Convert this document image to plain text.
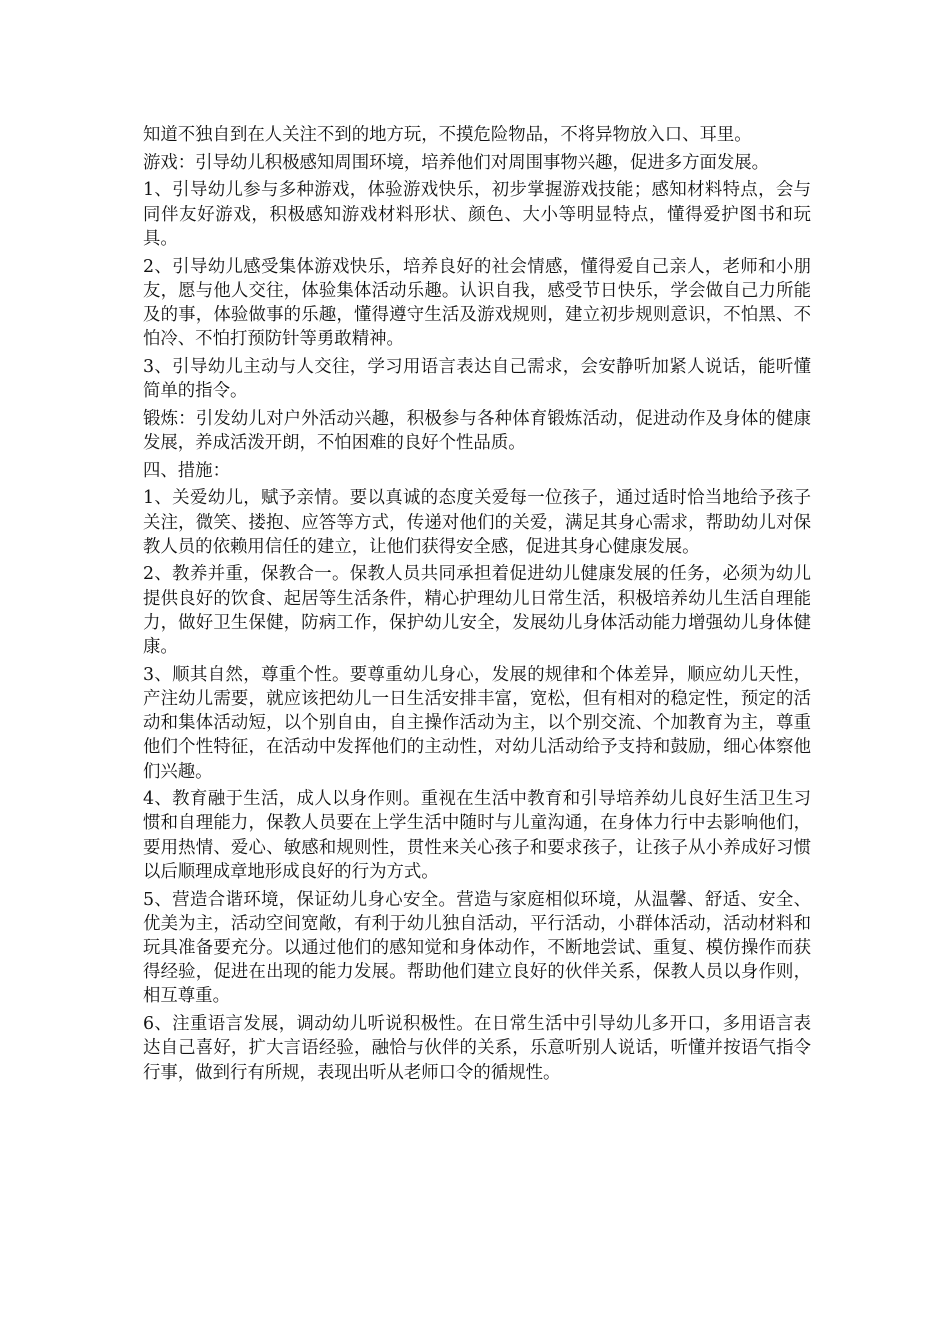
知道不独自到在人关注不到的地方玩，不摸危险物品，不将异物放入口、耳里。

游戏：引导幼儿积极感知周围环境，培养他们对周围事物兴趣，促进多方面发展。

1、引导幼儿参与多种游戏，体验游戏快乐，初步掌握游戏技能；感知材料特点，会与同伴友好游戏，积极感知游戏材料形状、颜色、大小等明显特点，懂得爱护图书和玩具。

2、引导幼儿感受集体游戏快乐，培养良好的社会情感，懂得爱自己亲人，老师和小朋友，愿与他人交往，体验集体活动乐趣。认识自我，感受节日快乐，学会做自己力所能及的事，体验做事的乐趣，懂得遵守生活及游戏规则，建立初步规则意识，不怕黑、不怕冷、不怕打预防针等勇敢精神。

3、引导幼儿主动与人交往，学习用语言表达自己需求，会安静听加紧人说话，能听懂简单的指令。

锻炼：引发幼儿对户外活动兴趣，积极参与各种体育锻炼活动，促进动作及身体的健康发展，养成活泼开朗，不怕困难的良好个性品质。

四、措施：

1、关爱幼儿，赋予亲情。要以真诚的态度关爱每一位孩子，通过适时恰当地给予孩子关注，微笑、搂抱、应答等方式，传递对他们的关爱，满足其身心需求，帮助幼儿对保教人员的依赖用信任的建立，让他们获得安全感，促进其身心健康发展。

2、教养并重，保教合一。保教人员共同承担着促进幼儿健康发展的任务，必须为幼儿提供良好的饮食、起居等生活条件，精心护理幼儿日常生活，积极培养幼儿生活自理能力，做好卫生保健，防病工作，保护幼儿安全，发展幼儿身体活动能力增强幼儿身体健康。

3、顺其自然，尊重个性。要尊重幼儿身心，发展的规律和个体差异，顺应幼儿天性，产注幼儿需要，就应该把幼儿一日生活安排丰富，宽松，但有相对的稳定性，预定的活动和集体活动短，以个别自由，自主操作活动为主，以个别交流、个加教育为主，尊重他们个性特征，在活动中发挥他们的主动性，对幼儿活动给予支持和鼓励，细心体察他们兴趣。

4、教育融于生活，成人以身作则。重视在生活中教育和引导培养幼儿良好生活卫生习惯和自理能力，保教人员要在上学生活中随时与儿童沟通，在身体力行中去影响他们，要用热情、爱心、敏感和规则性，贯性来关心孩子和要求孩子，让孩子从小养成好习惯以后顺理成章地形成良好的行为方式。

5、营造合谐环境，保证幼儿身心安全。营造与家庭相似环境，从温馨、舒适、安全、优美为主，活动空间宽敞，有利于幼儿独自活动，平行活动，小群体活动，活动材料和玩具准备要充分。以通过他们的感知觉和身体动作，不断地尝试、重复、模仿操作而获得经验，促进在出现的能力发展。帮助他们建立良好的伙伴关系，保教人员以身作则，相互尊重。

6、注重语言发展，调动幼儿听说积极性。在日常生活中引导幼儿多开口，多用语言表达自己喜好，扩大言语经验，融恰与伙伴的关系，乐意听别人说话，听懂并按语气指令行事，做到行有所规，表现出听从老师口令的循规性。
